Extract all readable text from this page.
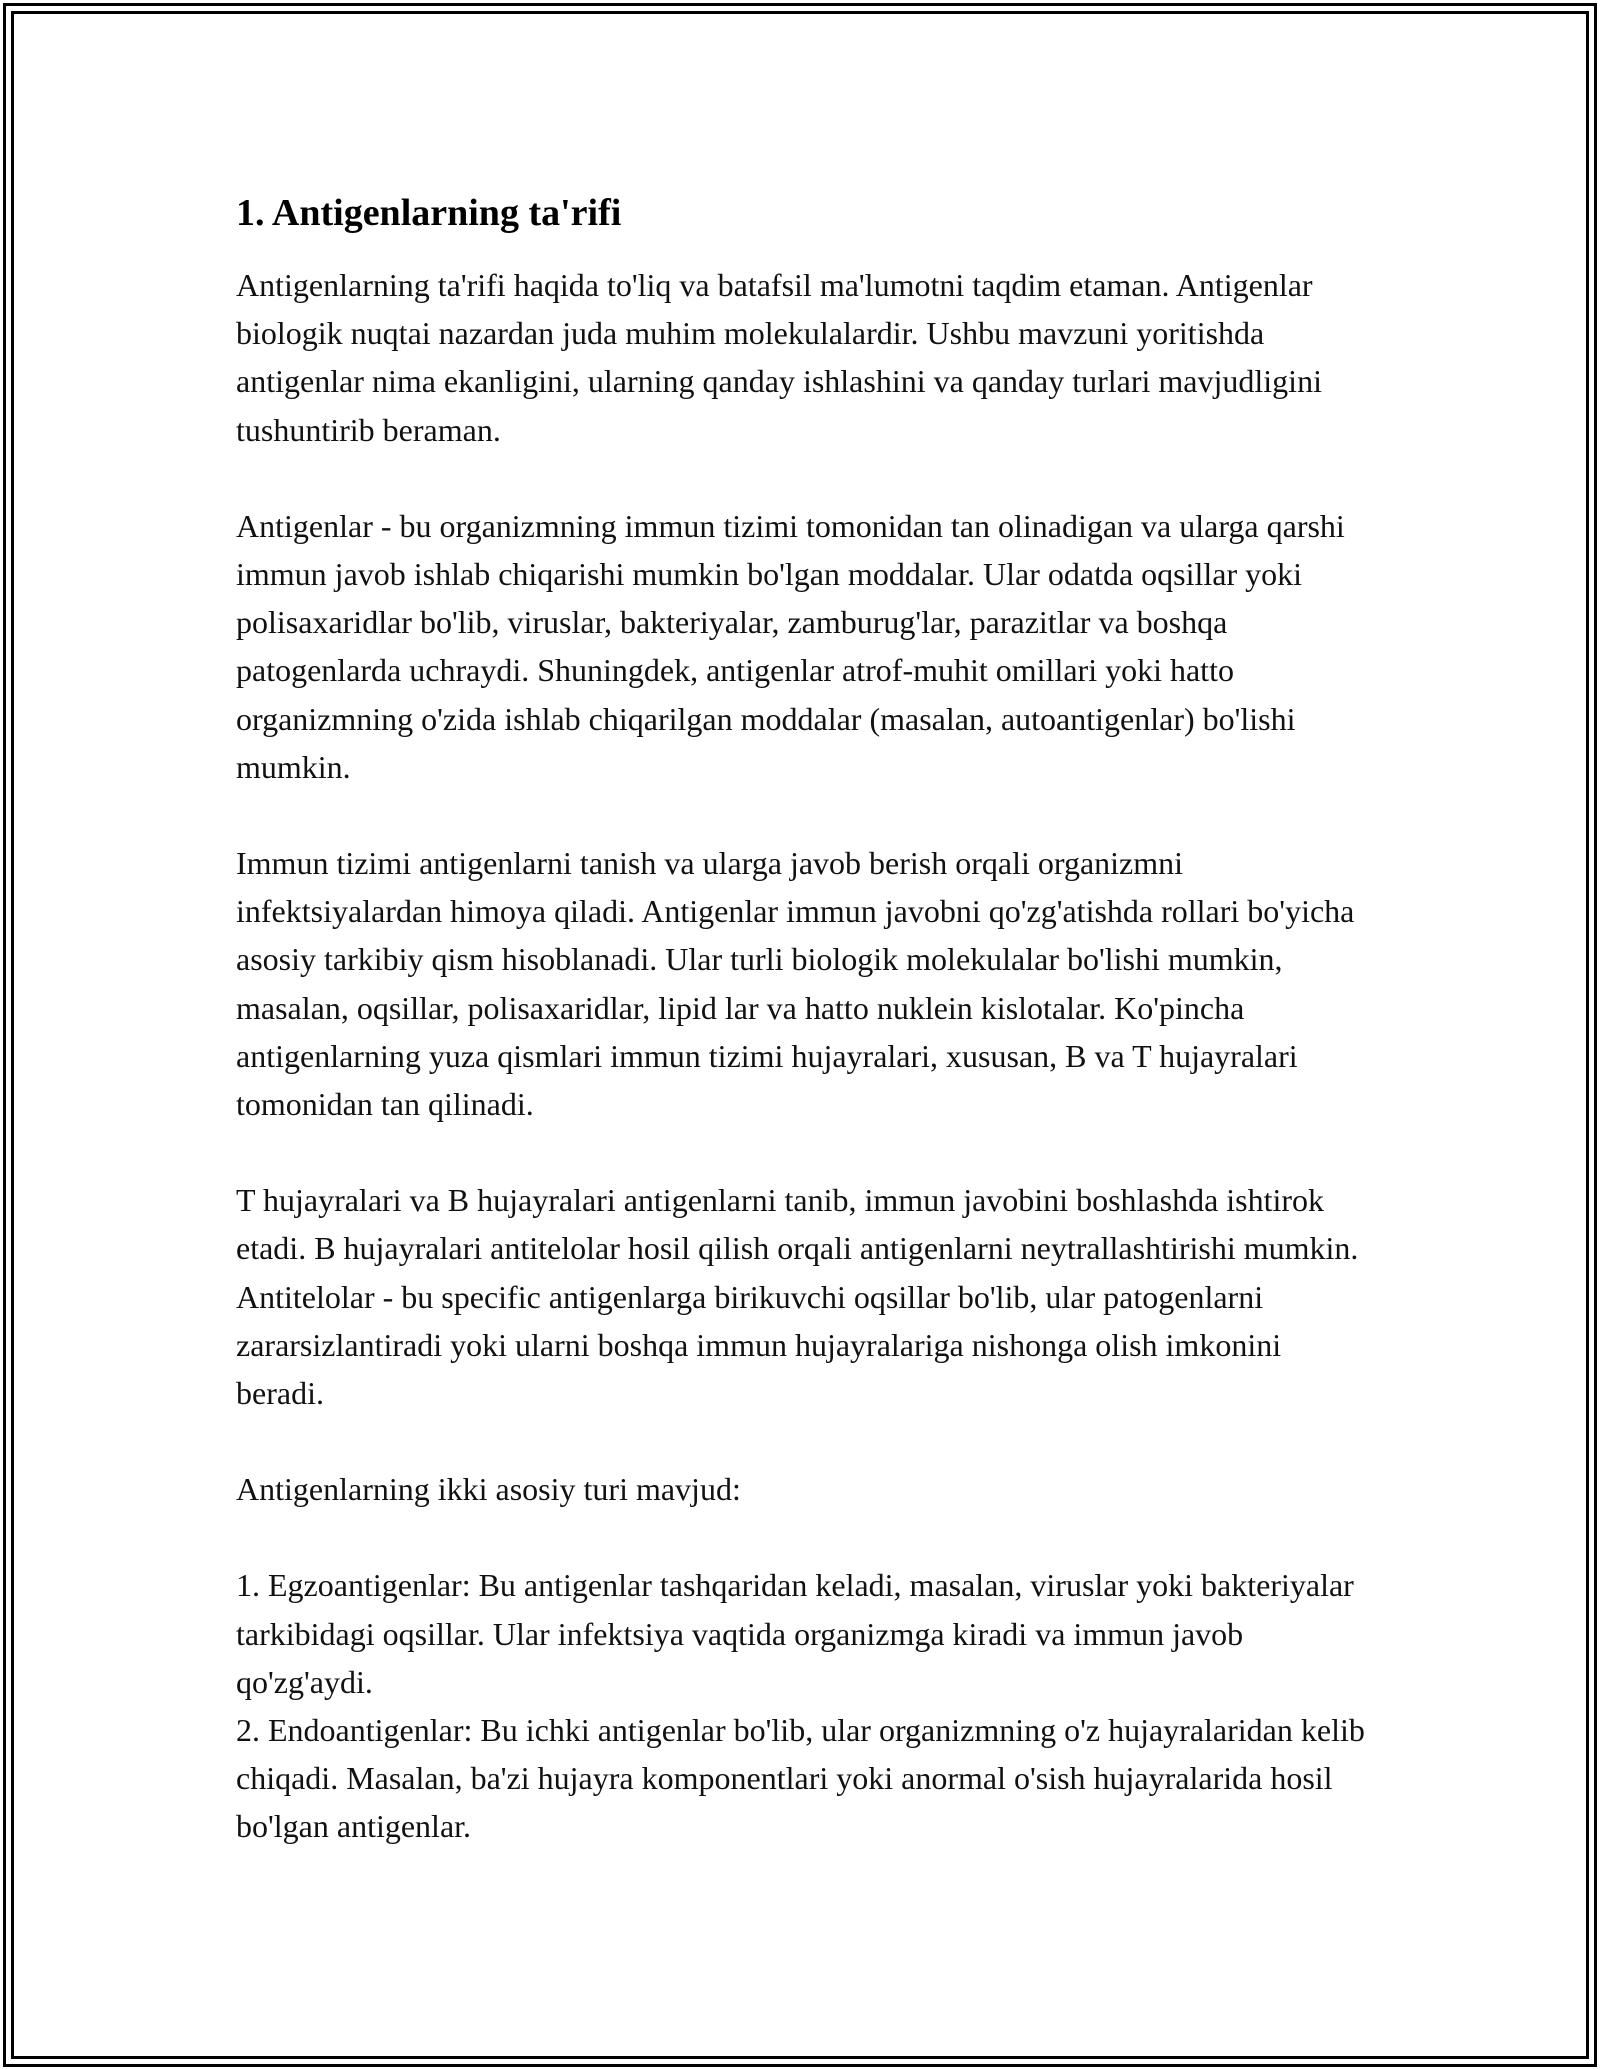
1. Antigenlarning ta'rifi

Antigenlarning ta'rifi haqida to'liq va batafsil ma'lumotni taqdim etaman. Antigenlar biologik nuqtai nazardan juda muhim molekulalardir. Ushbu mavzuni yoritishda antigenlar nima ekanligini, ularning qanday ishlashini va qanday turlari mavjudligini tushuntirib beraman.

Antigenlar - bu organizmning immun tizimi tomonidan tan olinadigan va ularga qarshi immun javob ishlab chiqarishi mumkin bo'lgan moddalar. Ular odatda oqsillar yoki polisaxaridlar bo'lib, viruslar, bakteriyalar, zamburug'lar, parazitlar va boshqa patogenlarda uchraydi. Shuningdek, antigenlar atrof-muhit omillari yoki hatto organizmning o'zida ishlab chiqarilgan moddalar (masalan, autoantigenlar) bo'lishi mumkin.

Immun tizimi antigenlarni tanish va ularga javob berish orqali organizmni infektsiyalardan himoya qiladi. Antigenlar immun javobni qo'zg'atishda rollari bo'yicha asosiy tarkibiy qism hisoblanadi. Ular turli biologik molekulalar bo'lishi mumkin, masalan, oqsillar, polisaxaridlar, lipid lar va hatto nuklein kislotalar. Ko'pincha antigenlarning yuza qismlari immun tizimi hujayralari, xususan, B va T hujayralari tomonidan tan qilinadi.

T hujayralari va B hujayralari antigenlarni tanib, immun javobini boshlashda ishtirok etadi. B hujayralari antitelolar hosil qilish orqali antigenlarni neytrallashtirishi mumkin. Antitelolar - bu specific antigenlarga birikuvchi oqsillar bo'lib, ular patogenlarni zararsizlantiradi yoki ularni boshqa immun hujayralariga nishonga olish imkonini beradi.

Antigenlarning ikki asosiy turi mavjud:

1. Egzoantigenlar: Bu antigenlar tashqaridan keladi, masalan, viruslar yoki bakteriyalar tarkibidagi oqsillar. Ular infektsiya vaqtida organizmga kiradi va immun javob qo'zg'aydi.
2. Endoantigenlar: Bu ichki antigenlar bo'lib, ular organizmning o'z hujayralaridan kelib chiqadi. Masalan, ba'zi hujayra komponentlari yoki anormal o'sish hujayralarida hosil bo'lgan antigenlar.
